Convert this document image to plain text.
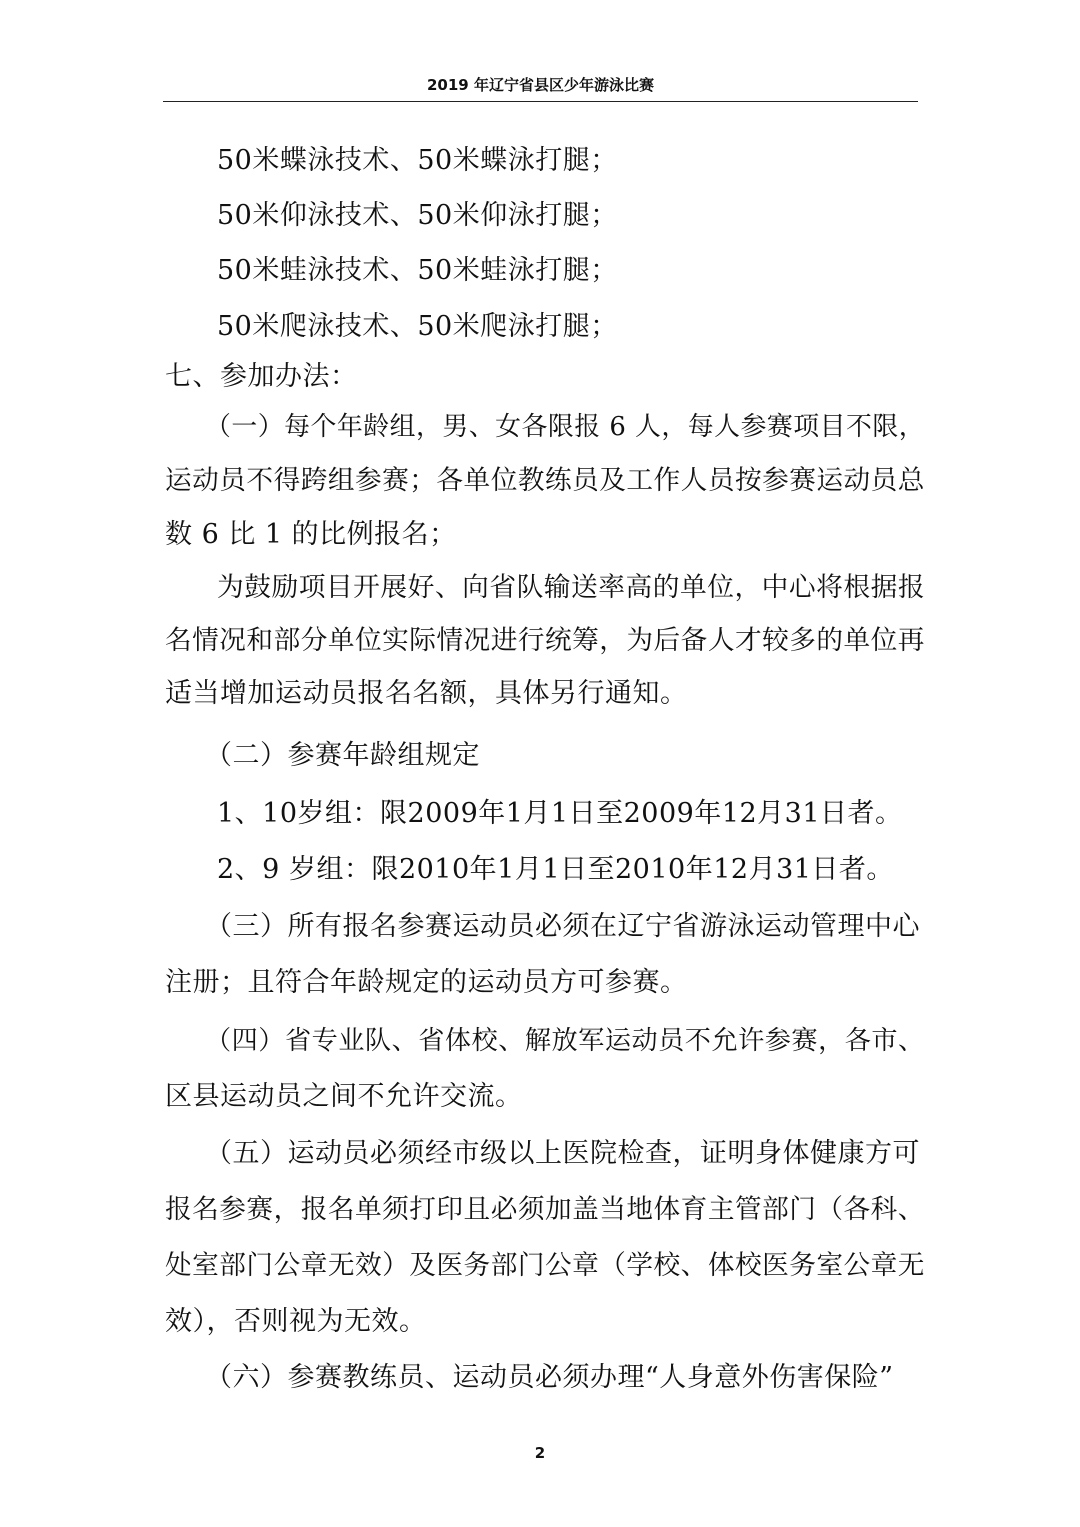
2019 年辽宁省县区少年游泳比赛
50米蝶泳技术、50米蝶泳打腿；
50米仰泳技术、50米仰泳打腿；
50米蛙泳技术、50米蛙泳打腿；
50米爬泳技术、50米爬泳打腿；
七、参加办法：
（一）每个年龄组，男、女各限报 6 人，每人参赛项目不限，
运动员不得跨组参赛；各单位教练员及工作人员按参赛运动员总
数 6 比 1 的比例报名；
为鼓励项目开展好、向省队输送率高的单位，中心将根据报
名情况和部分单位实际情况进行统筹，为后备人才较多的单位再
适当增加运动员报名名额，具体另行通知。
（二）参赛年龄组规定
1、10岁组：限2009年1月1日至2009年12月31日者。
2、9 岁组：限2010年1月1日至2010年12月31日者。
（三）所有报名参赛运动员必须在辽宁省游泳运动管理中心
注册；且符合年龄规定的运动员方可参赛。
（四）省专业队、省体校、解放军运动员不允许参赛，各市、
区县运动员之间不允许交流。
（五）运动员必须经市级以上医院检查，证明身体健康方可
报名参赛，报名单须打印且必须加盖当地体育主管部门（各科、
处室部门公章无效）及医务部门公章（学校、体校医务室公章无
效），否则视为无效。
（六）参赛教练员、运动员必须办理“人身意外伤害保险”
2
